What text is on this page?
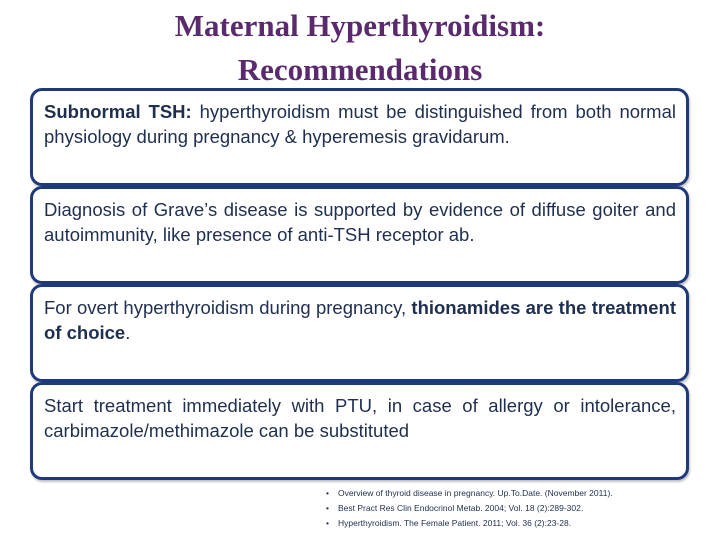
Maternal Hyperthyroidism:
Recommendations
Subnormal TSH: hyperthyroidism must be distinguished from both normal physiology during pregnancy & hyperemesis gravidarum.
Diagnosis of Grave’s disease is supported by evidence of diffuse goiter and autoimmunity, like presence of anti-TSH receptor ab.
For overt hyperthyroidism during pregnancy, thionamides are the treatment of choice.
Start treatment immediately with PTU, in case of allergy or intolerance, carbimazole/methimazole can be substituted
• Overview of thyroid disease in pregnancy. Up.To.Date. (November 2011).
• Best Pract Res Clin Endocrinol Metab. 2004; Vol. 18 (2):289-302.
• Hyperthyroidism. The Female Patient. 2011; Vol. 36 (2):23-28.
